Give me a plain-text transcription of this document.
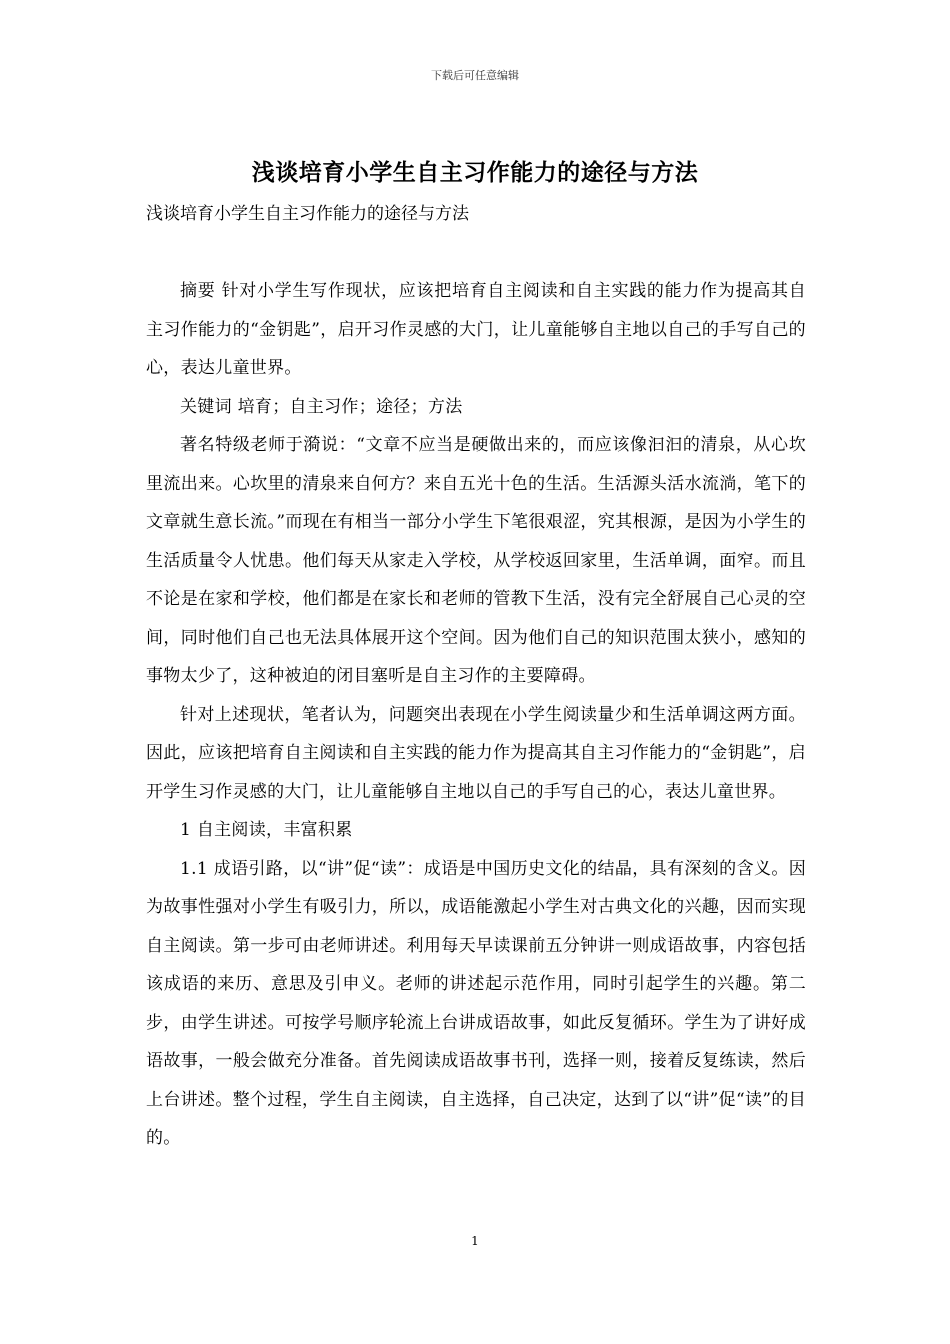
下载后可任意编辑
浅谈培育小学生自主习作能力的途径与方法
浅谈培育小学生自主习作能力的途径与方法

摘要 针对小学生写作现状，应该把培育自主阅读和自主实践的能力作为提高其自主习作能力的“金钥匙”，启开习作灵感的大门，让儿童能够自主地以自己的手写自己的心，表达儿童世界。

关键词 培育；自主习作；途径；方法

著名特级老师于漪说：“文章不应当是硬做出来的，而应该像汩汩的清泉，从心坎里流出来。心坎里的清泉来自何方？来自五光十色的生活。生活源头活水流淌，笔下的文章就生意长流。”而现在有相当一部分小学生下笔很艰涩，究其根源，是因为小学生的生活质量令人忧患。他们每天从家走入学校，从学校返回家里，生活单调，面窄。而且不论是在家和学校，他们都是在家长和老师的管教下生活，没有完全舒展自己心灵的空间，同时他们自己也无法具体展开这个空间。因为他们自己的知识范围太狭小，感知的事物太少了，这种被迫的闭目塞听是自主习作的主要障碍。

针对上述现状，笔者认为，问题突出表现在小学生阅读量少和生活单调这两方面。因此，应该把培育自主阅读和自主实践的能力作为提高其自主习作能力的“金钥匙”，启开学生习作灵感的大门，让儿童能够自主地以自己的手写自己的心，表达儿童世界。

1 自主阅读，丰富积累

1.1 成语引路，以“讲”促“读”：成语是中国历史文化的结晶，具有深刻的含义。因为故事性强对小学生有吸引力，所以，成语能激起小学生对古典文化的兴趣，因而实现自主阅读。第一步可由老师讲述。利用每天早读课前五分钟讲一则成语故事，内容包括该成语的来历、意思及引申义。老师的讲述起示范作用，同时引起学生的兴趣。第二步，由学生讲述。可按学号顺序轮流上台讲成语故事，如此反复循环。学生为了讲好成语故事，一般会做充分准备。首先阅读成语故事书刊，选择一则，接着反复练读，然后上台讲述。整个过程，学生自主阅读，自主选择，自己决定，达到了以“讲”促“读”的目的。

1
